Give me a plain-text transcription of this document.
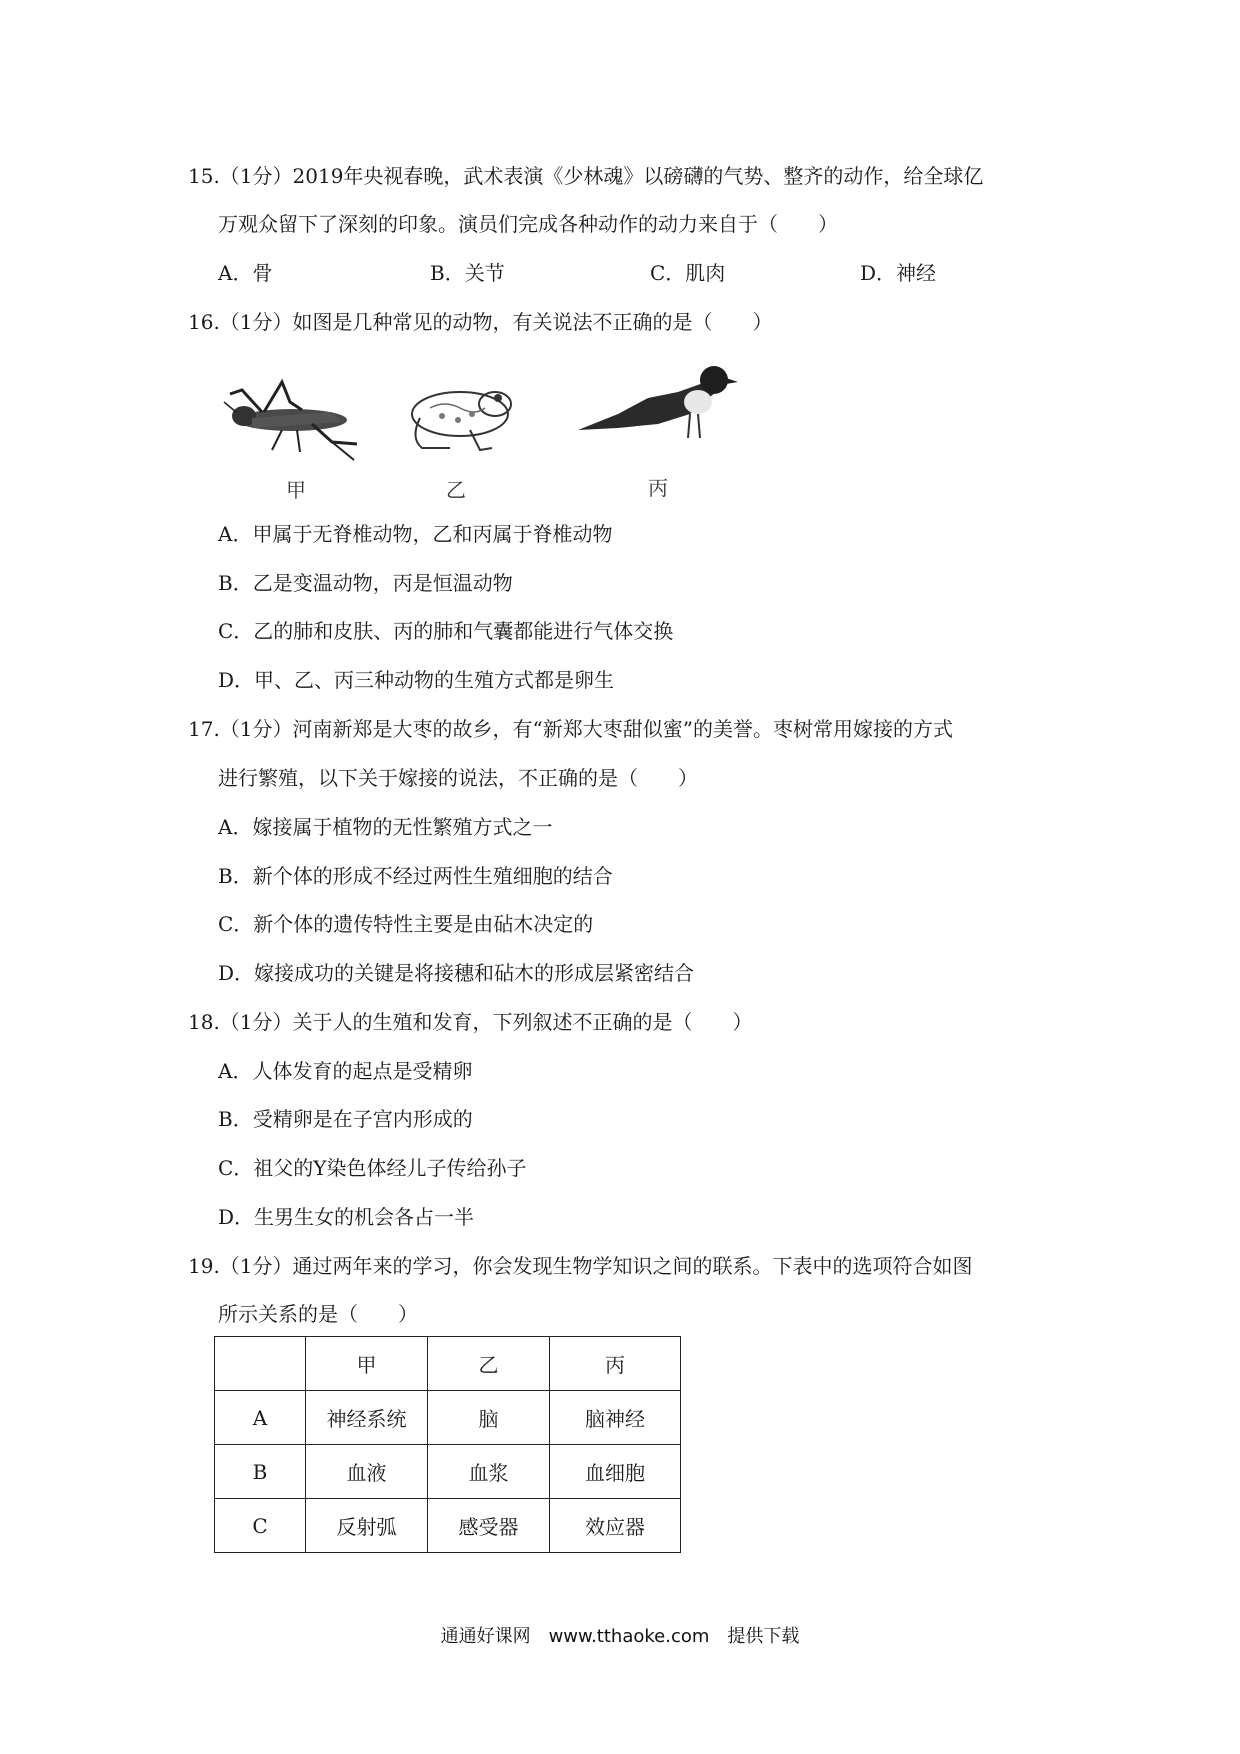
15.（1分）2019年央视春晚，武术表演《少林魂》以磅礴的气势、整齐的动作，给全球亿
万观众留下了深刻的印象。演员们完成各种动作的动力来自于（　　）
A．骨	B．关节	C．肌肉	D．神经
16.（1分）如图是几种常见的动物，有关说法不正确的是（　　）
甲	乙	丙
A．甲属于无脊椎动物，乙和丙属于脊椎动物
B．乙是变温动物，丙是恒温动物
C．乙的肺和皮肤、丙的肺和气囊都能进行气体交换
D．甲、乙、丙三种动物的生殖方式都是卵生
17.（1分）河南新郑是大枣的故乡，有“新郑大枣甜似蜜”的美誉。枣树常用嫁接的方式
进行繁殖，以下关于嫁接的说法，不正确的是（　　）
A．嫁接属于植物的无性繁殖方式之一
B．新个体的形成不经过两性生殖细胞的结合
C．新个体的遗传特性主要是由砧木决定的
D．嫁接成功的关键是将接穗和砧木的形成层紧密结合
18.（1分）关于人的生殖和发育，下列叙述不正确的是（　　）
A．人体发育的起点是受精卵
B．受精卵是在子宫内形成的
C．祖父的Y染色体经儿子传给孙子
D．生男生女的机会各占一半
19.（1分）通过两年来的学习，你会发现生物学知识之间的联系。下表中的选项符合如图
所示关系的是（　　）
	甲	乙	丙
A	神经系统	脑	脑神经
B	血液	血浆	血细胞
C	反射弧	感受器	效应器
通通好课网　www.tthaoke.com　提供下载
